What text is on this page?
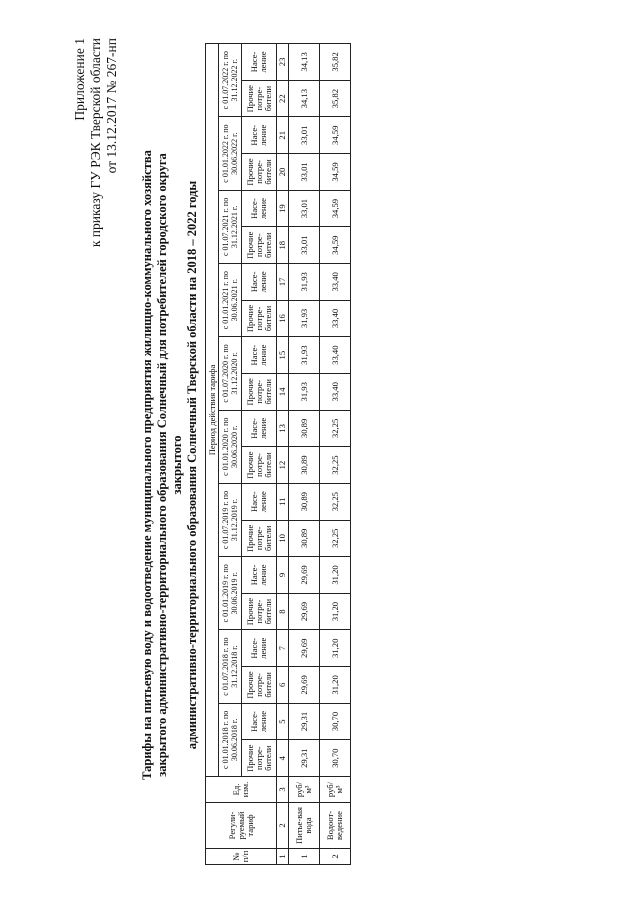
Приложение 1 к приказу ГУ РЭК Тверской области от 13.12.2017 № 267-нп
Тарифы на питьевую воду и водоотведение муниципального предприятия жилищно-коммунального хозяйства закрытого административно-территориального образования Солнечный для потребителей городского округа закрытого административно-территориального образования Солнечный Тверской области на 2018 – 2022 годы
№ п/п	Регули-руемый тариф	Ед. изм.	Период действия тарифа																			
			с 01.01.2018 г. по 30.06.2018 г.		с 01.07.2018 г. по 31.12.2018 г.		с 01.01.2019 г. по 30.06.2019 г.		с 01.07.2019 г. по 31.12.2019 г.		с 01.01.2020 г. по 30.06.2020 г.		с 01.07.2020 г. по 31.12.2020 г.		с 01.01.2021 г. по 30.06.2021 г.		с 01.07.2021 г. по 31.12.2021 г.		с 01.01.2022 г. по 30.06.2022 г.		с 01.07.2022 г. по 31.12.2022 г.	
			Прочие потре-бители	Насе-ление	Прочие потре-бители	Насе-ление	Прочие потре-бители	Насе-ление	Прочие потре-бители	Насе-ление	Прочие потре-бители	Насе-ление	Прочие потре-бители	Насе-ление	Прочие потре-бители	Насе-ление	Прочие потре-бители	Насе-ление	Прочие потре-бители	Насе-ление	Прочие потре-бители	Насе-ление
1	2	3	4	5	6	7	8	9	10	11	12	13	14	15	16	17	18	19	20	21	22	23
1	Питье-вая вода	руб/м³	29,31	29,31	29,69	29,69	29,69	29,69	30,89	30,89	30,89	30,89	31,93	31,93	31,93	31,93	33,01	33,01	33,01	33,01	34,13	34,13
2	Водоот-ведение	руб/м³	30,70	30,70	31,20	31,20	31,20	31,20	32,25	32,25	32,25	32,25	33,40	33,40	33,40	33,40	34,59	34,59	34,59	34,59	35,82	35,82
